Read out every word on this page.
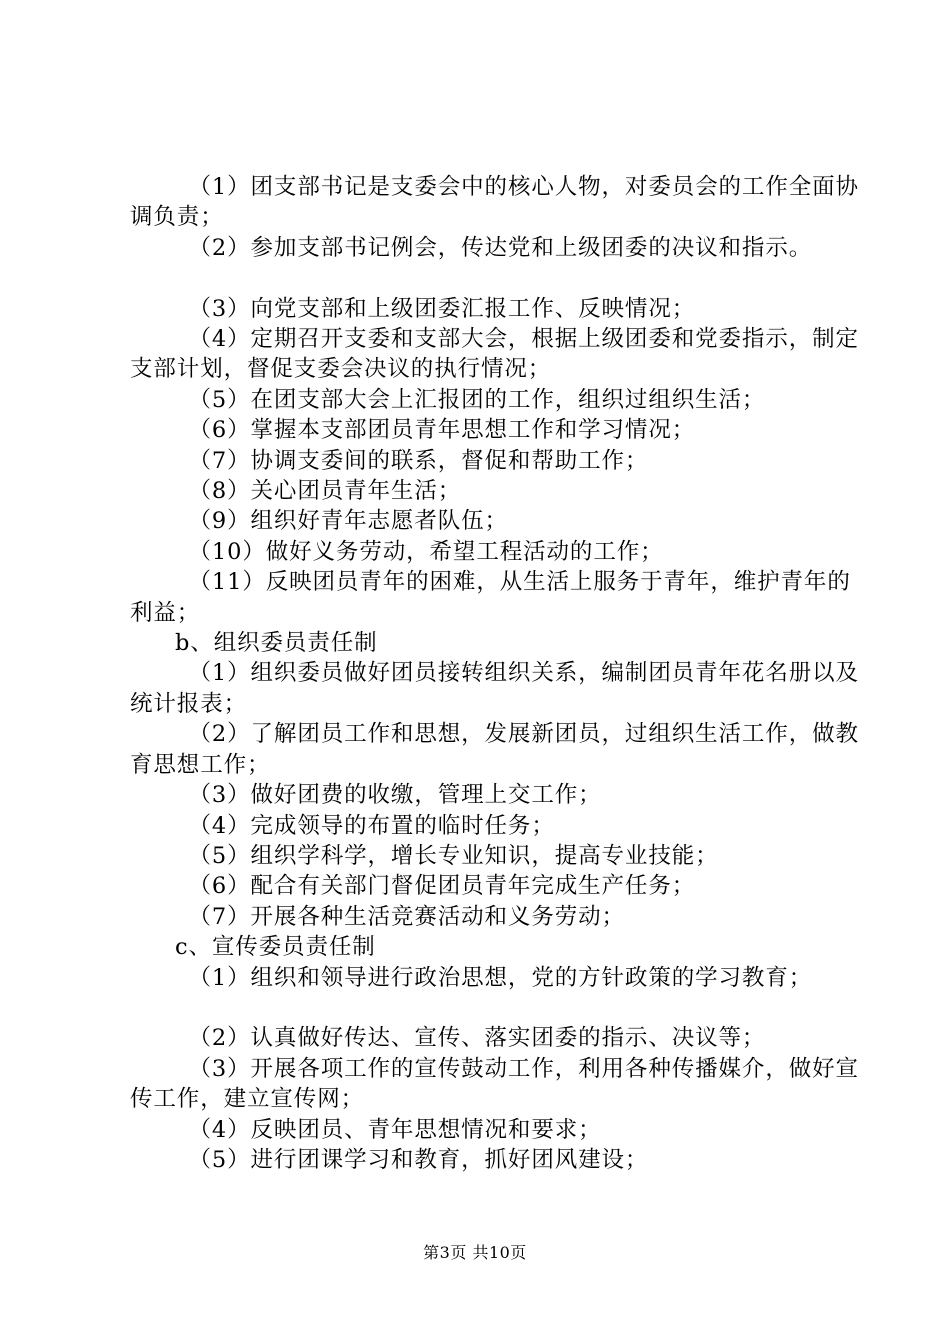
（1）团支部书记是支委会中的核心人物，对委员会的工作全面协调负责；

（2）参加支部书记例会，传达党和上级团委的决议和指示。

（3）向党支部和上级团委汇报工作、反映情况；

（4）定期召开支委和支部大会，根据上级团委和党委指示，制定支部计划，督促支委会决议的执行情况；

（5）在团支部大会上汇报团的工作，组织过组织生活；

（6）掌握本支部团员青年思想工作和学习情况；

（7）协调支委间的联系，督促和帮助工作；

（8）关心团员青年生活；

（9）组织好青年志愿者队伍；

（10）做好义务劳动，希望工程活动的工作；

（11）反映团员青年的困难，从生活上服务于青年，维护青年的利益；

b、组织委员责任制

（1）组织委员做好团员接转组织关系，编制团员青年花名册以及统计报表；

（2）了解团员工作和思想，发展新团员，过组织生活工作，做教育思想工作；

（3）做好团费的收缴，管理上交工作；

（4）完成领导的布置的临时任务；

（5）组织学科学，增长专业知识，提高专业技能；

（6）配合有关部门督促团员青年完成生产任务；

（7）开展各种生活竞赛活动和义务劳动；

c、宣传委员责任制

（1）组织和领导进行政治思想，党的方针政策的学习教育；

（2）认真做好传达、宣传、落实团委的指示、决议等；

（3）开展各项工作的宣传鼓动工作，利用各种传播媒介，做好宣传工作，建立宣传网；

（4）反映团员、青年思想情况和要求；

（5）进行团课学习和教育，抓好团风建设；

第3页 共10页
